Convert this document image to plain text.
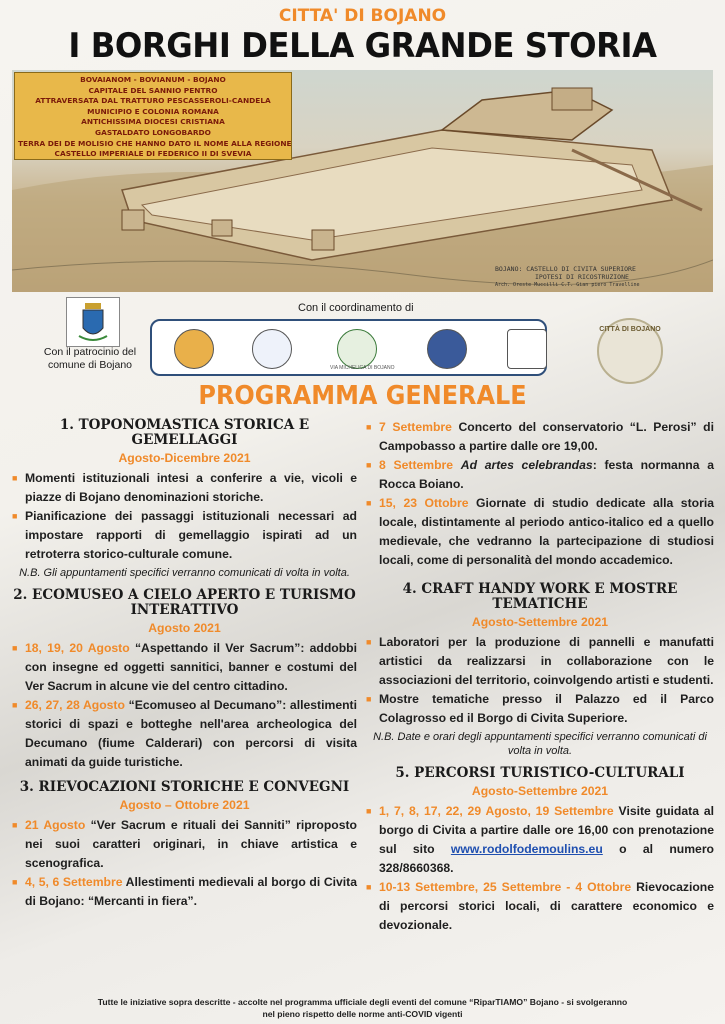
CITTA' DI BOJANO
I BORGHI DELLA GRANDE STORIA
BOVAIANOM - BOVIANUM - BOJANO
CAPITALE DEL SANNIO PENTRO
ATTRAVERSATA DAL TRATTURO PESCASSEROLI-CANDELA
MUNICIPIO E COLONIA ROMANA
ANTICHISSIMA DIOCESI CRISTIANA
GASTALDATO LONGOBARDO
TERRA DEI DE MOLISIO CHE HANNO DATO IL NOME ALLA REGIONE
CASTELLO IMPERIALE DI FEDERICO II DI SVEVIA
BOJANO: CASTELLO DI CIVITA SUPERIORE
IPOTESI DI RICOSTRUZIONE
Arch. Oreste Muccilli C.T. Gian piero Travelline
Con il patrocinio del comune di Bojano
Con il coordinamento di
VIA MICHELICA DI BOJANO
CITTÀ DI BOJANO
PROGRAMMA GENERALE
1. TOPONOMASTICA STORICA E GEMELLAGGI
Agosto-Dicembre 2021
■ Momenti istituzionali intesi a conferire a vie, vicoli e piazze di Bojano denominazioni storiche.
■ Pianificazione dei passaggi istituzionali necessari ad impostare rapporti di gemellaggio ispirati ad un retroterra storico-culturale comune.
N.B. Gli appuntamenti specifici verranno comunicati di volta in volta.
2. ECOMUSEO A CIELO APERTO E TURISMO INTERATTIVO
Agosto 2021
■ 18, 19, 20 Agosto “Aspettando il Ver Sacrum”: addobbi con insegne ed oggetti sannitici, banner e costumi del Ver Sacrum in alcune vie del centro cittadino.
■ 26, 27, 28 Agosto “Ecomuseo al Decumano”: allestimenti storici di spazi e botteghe nell'area archeologica del Decumano (fiume Calderari) con percorsi di visita animati da guide turistiche.
3. RIEVOCAZIONI STORICHE E CONVEGNI
Agosto – Ottobre 2021
■ 21 Agosto “Ver Sacrum e rituali dei Sanniti” riproposto nei suoi caratteri originari, in chiave artistica e scenografica.
■ 4, 5, 6 Settembre Allestimenti medievali al borgo di Civita di Bojano: “Mercanti in fiera”.
■ 7 Settembre Concerto del conservatorio “L. Perosi” di Campobasso a partire dalle ore 19,00.
■ 8 Settembre Ad artes celebrandas: festa normanna a Rocca Boiano.
■ 15, 23 Ottobre Giornate di studio dedicate alla storia locale, distintamente al periodo antico-italico ed a quello medievale, che vedranno la partecipazione di studiosi locali, come di personalità del mondo accademico.
4. CRAFT HANDY WORK E MOSTRE TEMATICHE
Agosto-Settembre 2021
■ Laboratori per la produzione di pannelli e manufatti artistici da realizzarsi in collaborazione con le associazioni del territorio, coinvolgendo artisti e studenti.
■ Mostre tematiche presso il Palazzo ed il Parco Colagrosso ed il Borgo di Civita Superiore.
N.B. Date e orari degli appuntamenti specifici verranno comunicati di volta in volta.
5. PERCORSI TURISTICO-CULTURALI
Agosto-Settembre 2021
■ 1, 7, 8, 17, 22, 29 Agosto, 19 Settembre Visite guidata al borgo di Civita a partire dalle ore 16,00 con prenotazione sul sito www.rodolfodemoulins.eu o al numero 328/8660368.
■ 10-13 Settembre, 25 Settembre - 4 Ottobre Rievocazione di percorsi storici locali, di carattere economico e devozionale.
Tutte le iniziative sopra descritte - accolte nel programma ufficiale degli eventi del comune “RiparTIAMO” Bojano - si svolgeranno
nel pieno rispetto delle norme anti-COVID vigenti
